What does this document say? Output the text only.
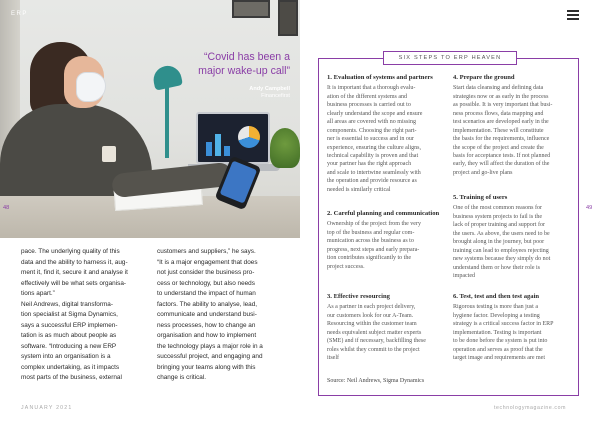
ERP
“Covid has been a major wake-up call”
Andy Campbell
Financefirst
48	49
pace. The underlying quality of this
data and the ability to harness it, aug-
ment it, find it, secure it and analyse it
effectively will be what sets organisa-
tions apart.”
Neil Andrews, digital transforma-
tion specialist at Sigma Dynamics,
says a successful ERP implemen-
tation is as much about people as
software. “Introducing a new ERP
system into an organisation is a
complex undertaking, as it impacts
most parts of the business, external
customers and suppliers,” he says.
“It is a major engagement that does
not just consider the business pro-
cess or technology, but also needs
to understand the impact of human
factors. The ability to analyse, lead,
communicate and understand busi-
ness processes, how to change an
organisation and how to implement
the technology plays a major role in a
successful project, and engaging and
bringing your teams along with this
change is critical.
SIX STEPS TO ERP HEAVEN
1. Evaluation of systems and partners
It is important that a thorough evalu-
ation of the different systems and
business processes is carried out to
clearly understand the scope and ensure
all areas are covered with no missing
components. Choosing the right part-
ner is essential to success and in our
experience, ensuring the culture aligns,
technical capability is proven and that
your partner has the right approach
and scale to intertwine seamlessly with
the operation and provide resource as
needed is similarly critical
2. Careful planning and communication
Ownership of the project from the very
top of the business and regular com-
munication across the business as to
progress, next steps and early prepara-
tion contributes significantly to the
project success.
3. Effective resourcing
As a partner in each project delivery,
our customers look for our A-Team.
Resourcing within the customer team
needs equivalent subject matter experts
(SME) and if necessary, backfilling these
roles whilst they commit to the project
itself
4. Prepare the ground
Start data cleansing and defining data
strategies now or as early in the process
as possible. It is very important that busi-
ness process flows, data mapping and
test scenarios are developed early in the
implementation. These will constitute
the basis for the requirements, influence
the scope of the project and create the
basis for acceptance tests. If not planned
early, they will affect the duration of the
project and go-live plans
5. Training of users
One of the most common reasons for
business system projects to fail is the
lack of proper training and support for
the users. As above, the users need to be
brought along in the journey, but poor
training can lead to employees rejecting
new systems because they simply do not
understand them or how their role is
impacted
6. Test, test and then test again
Rigorous testing is more than just a
hygiene factor. Developing a testing
strategy is a critical success factor in ERP
implementation. Testing is important
to be done before the system is put into
operation and serves as proof that the
target image and requirements are met
Source: Neil Andrews, Sigma Dynamics
JANUARY 2021	technologymagazine.com
